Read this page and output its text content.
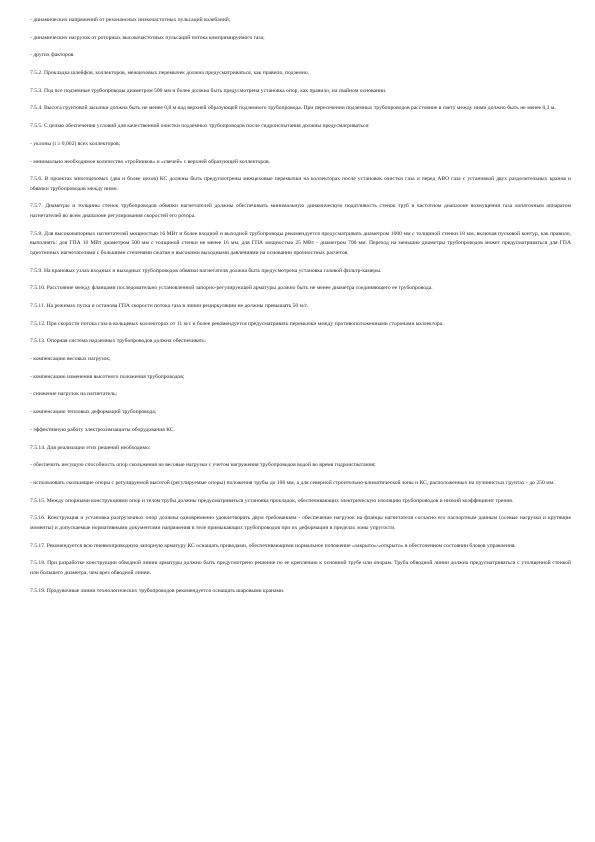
- динамических напряжений от резонансных низкочастотных пульсаций колебаний;

- динамических нагрузок от роторных высокочастотных пульсаций потока компримируемого газа;

- других факторов.

7.5.2. Прокладка шлейфов, коллекторов, межцеховых перемычек должна предусматриваться, как правило, подземно.

7.5.3. Под все подземные трубопроводы диаметром 500 мм и более должна быть предусмотрена установка опор, как правило, на свайном основании.

7.5.4. Высота грунтовой засыпки должна быть не менее 0,8 м над верхней образующей подземного трубопровода. При пересечении подземных трубопроводов расстояние в свету между ними должно быть не менее 0,3 м.

7.5.5. С целью обеспечения условий для качественной очистки подземных трубопроводов после гидроиспытания должны предусматриваться:

- уклоны (i ≥ 0,002) всех коллекторов;

- минимально необходимое количество «тройников» и «свечей» с верхней образующей коллекторов.

7.5.6. В проектах многоцеховых (два и более цехов) КС должны быть предусмотрены межцеховые перемычки на коллекторах после установок очистки газа и перед АВО газа с установкой двух разделительных кранов и обвязки трубопроводов между ними.

7.5.7. Диаметры и толщины стенок трубопроводов обвязки нагнетателей должны обеспечивать минимальную динамическую податливость стенок труб в частотном диапазоне возмущения газа лопаточным аппаратом нагнетателей во всем диапазоне регулирования скоростей его ротора.

7.5.8. Для высоконапорных нагнетателей мощностью 16 МВт и более входной и выходной трубопроводы рекомендуется предусматривать диаметром 1000 мм с толщиной стенки 18 мм, включая пусковой контур, как правило, выполнять: для ГПА 16 МВт диаметром 500 мм с толщиной стенки не менее 16 мм, для ГПА мощностью 25 МВт - диаметром 700 мм. Переход на меньшие диаметры трубопроводов может предусматриваться для ГПА однотипных нагнетателями с большими степенями сжатия и высокими выходными давлениями на основании прочностных расчетов.

7.5.9. На крановых узлах входных и выходных трубопроводов обвязки нагнетателя должна быть предусмотрена установка газовой фильтр-камеры.

7.5.10. Расстояние между фланцами последовательно установленной запорно-регулирующей арматуры должно быть не менее диаметра соединяющего ее трубопровода.

7.5.11. На режимах пуска и останова ГПА скорости потока газа в линии рециркуляции не должны превышать 50 м/с.

7.5.12. При скорости потока газа в кольцевых коллекторах от 11 м/с и более рекомендуется предусматривать перемычки между противоположенными сторонами коллектора.

7.5.13. Опорная система надземных трубопроводов должна обеспечивать:

- компенсацию весовых нагрузок;

- компенсацию изменения высотного положения трубопроводов;

- снижение нагрузок на нагнетатель;

- компенсацию тепловых деформаций трубопровода;

- эффективную работу электрохимзащиты оборудования КС.

7.5.14. Для реализации этих решений необходимо:

- обеспечить несущую способность опор скольжения на весовые нагрузки с учетом нагружения трубопроводов водой во время гидроиспытания;

- использовать скользящие опоры с регулируемой высотой (регулируемые опоры) положения трубы до 100 мм, а для северной строительно-климатической зоны и КС, расположенных на пучинистых грунтах - до 250 мм.

7.5.15. Между опорными конструкциями опор и телом трубы должны предусматриваться установка прокладок, обеспечивающих электрическую изоляцию трубопроводов и низкий коэффициент трения.

7.5.16. Конструкция и установка разгрузочных опор должны одновременно удовлетворять двум требованиям - обеспечение нагрузок на фланцы нагнетателя согласно его паспортным данным (осевые нагрузки и крутящие моменты) и допускаемые нормативными документами напряжения в теле примыкающих трубопроводов при их деформации в пределах зоны упругости.

7.5.17. Рекомендуется всю пневмоприводную запорную арматуру КС оснащать приводами, обеспечивающими нормальное положение «закрыто»/«открыто» в обесточенном состоянии блоков управления.

7.5.18. При разработке конструкции обводной линии арматуры должно быть предусмотрено решение по ее креплению к основной трубе или опорам. Труба обводной линии должна предусматриваться с утолщенной стенкой или большего диаметра, чем врез обводной линии.

7.5.19. Продувочные линии технологических трубопроводов рекомендуется оснащать шаровыми кранами.
